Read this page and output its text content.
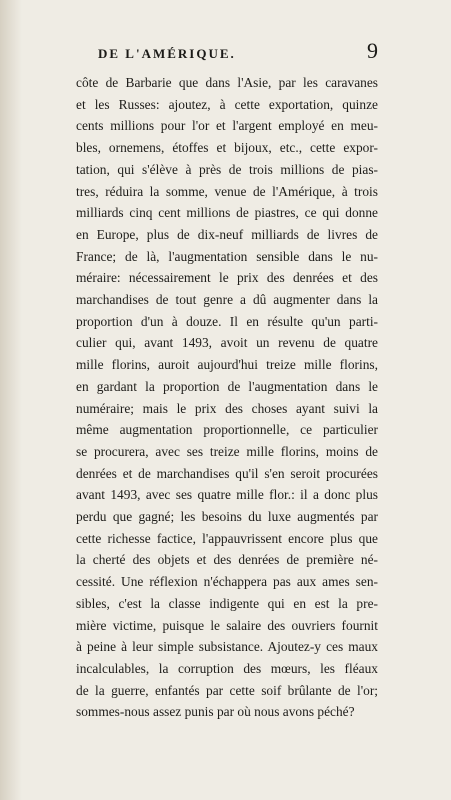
DE L'AMÉRIQUE.	9
côte de Barbarie que dans l'Asie, par les caravanes
et les Russes: ajoutez, à cette exportation, quinze
cents millions pour l'or et l'argent employé en meu-
bles, ornemens, étoffes et bijoux, etc., cette expor-
tation, qui s'élève à près de trois millions de pias-
tres, réduira la somme, venue de l'Amérique, à trois
milliards cinq cent millions de piastres, ce qui donne
en Europe, plus de dix-neuf milliards de livres de
France; de là, l'augmentation sensible dans le nu-
méraire: nécessairement le prix des denrées et des
marchandises de tout genre a dû augmenter dans la
proportion d'un à douze. Il en résulte qu'un parti-
culier qui, avant 1493, avoit un revenu de quatre
mille florins, auroit aujourd'hui treize mille florins,
en gardant la proportion de l'augmentation dans le
numéraire; mais le prix des choses ayant suivi la
même augmentation proportionnelle, ce particulier
se procurera, avec ses treize mille florins, moins de
denrées et de marchandises qu'il s'en seroit procurées
avant 1493, avec ses quatre mille flor.: il a donc plus
perdu que gagné; les besoins du luxe augmentés par
cette richesse factice, l'appauvrissent encore plus que
la cherté des objets et des denrées de première né-
cessité. Une réflexion n'échappera pas aux ames sen-
sibles, c'est la classe indigente qui en est la pre-
mière victime, puisque le salaire des ouvriers fournit
à peine à leur simple subsistance. Ajoutez-y ces maux
incalculables, la corruption des mœurs, les fléaux
de la guerre, enfantés par cette soif brûlante de l'or;
sommes-nous assez punis par où nous avons péché?
